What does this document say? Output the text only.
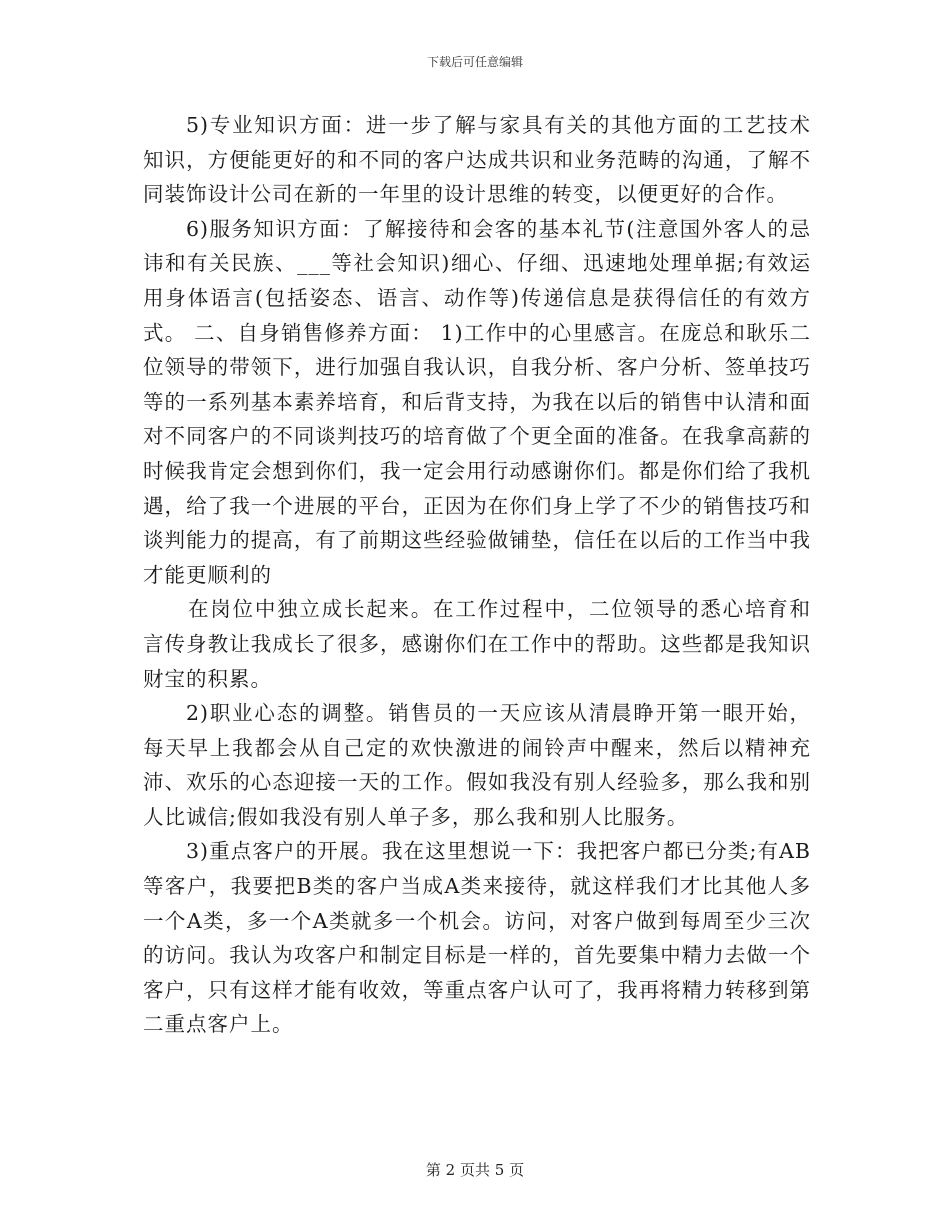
下载后可任意编辑

5)专业知识方面：进一步了解与家具有关的其他方面的工艺技术知识，方便能更好的和不同的客户达成共识和业务范畴的沟通，了解不同装饰设计公司在新的一年里的设计思维的转变，以便更好的合作。

6)服务知识方面：了解接待和会客的基本礼节(注意国外客人的忌讳和有关民族、___等社会知识)细心、仔细、迅速地处理单据;有效运用身体语言(包括姿态、语言、动作等)传递信息是获得信任的有效方式。 二、自身销售修养方面： 1)工作中的心里感言。在庞总和耿乐二位领导的带领下，进行加强自我认识，自我分析、客户分析、签单技巧等的一系列基本素养培育，和后背支持，为我在以后的销售中认清和面对不同客户的不同谈判技巧的培育做了个更全面的准备。在我拿高薪的时候我肯定会想到你们，我一定会用行动感谢你们。都是你们给了我机遇，给了我一个进展的平台，正因为在你们身上学了不少的销售技巧和谈判能力的提高，有了前期这些经验做铺垫，信任在以后的工作当中我才能更顺利的

在岗位中独立成长起来。在工作过程中，二位领导的悉心培育和言传身教让我成长了很多，感谢你们在工作中的帮助。这些都是我知识财宝的积累。

2)职业心态的调整。销售员的一天应该从清晨睁开第一眼开始，每天早上我都会从自己定的欢快激进的闹铃声中醒来，然后以精神充沛、欢乐的心态迎接一天的工作。假如我没有别人经验多，那么我和别人比诚信;假如我没有别人单子多，那么我和别人比服务。

3)重点客户的开展。我在这里想说一下：我把客户都已分类;有AB等客户，我要把B类的客户当成A类来接待，就这样我们才比其他人多一个A类，多一个A类就多一个机会。访问，对客户做到每周至少三次的访问。我认为攻客户和制定目标是一样的，首先要集中精力去做一个客户，只有这样才能有收效，等重点客户认可了，我再将精力转移到第二重点客户上。

第 2 页共 5 页
